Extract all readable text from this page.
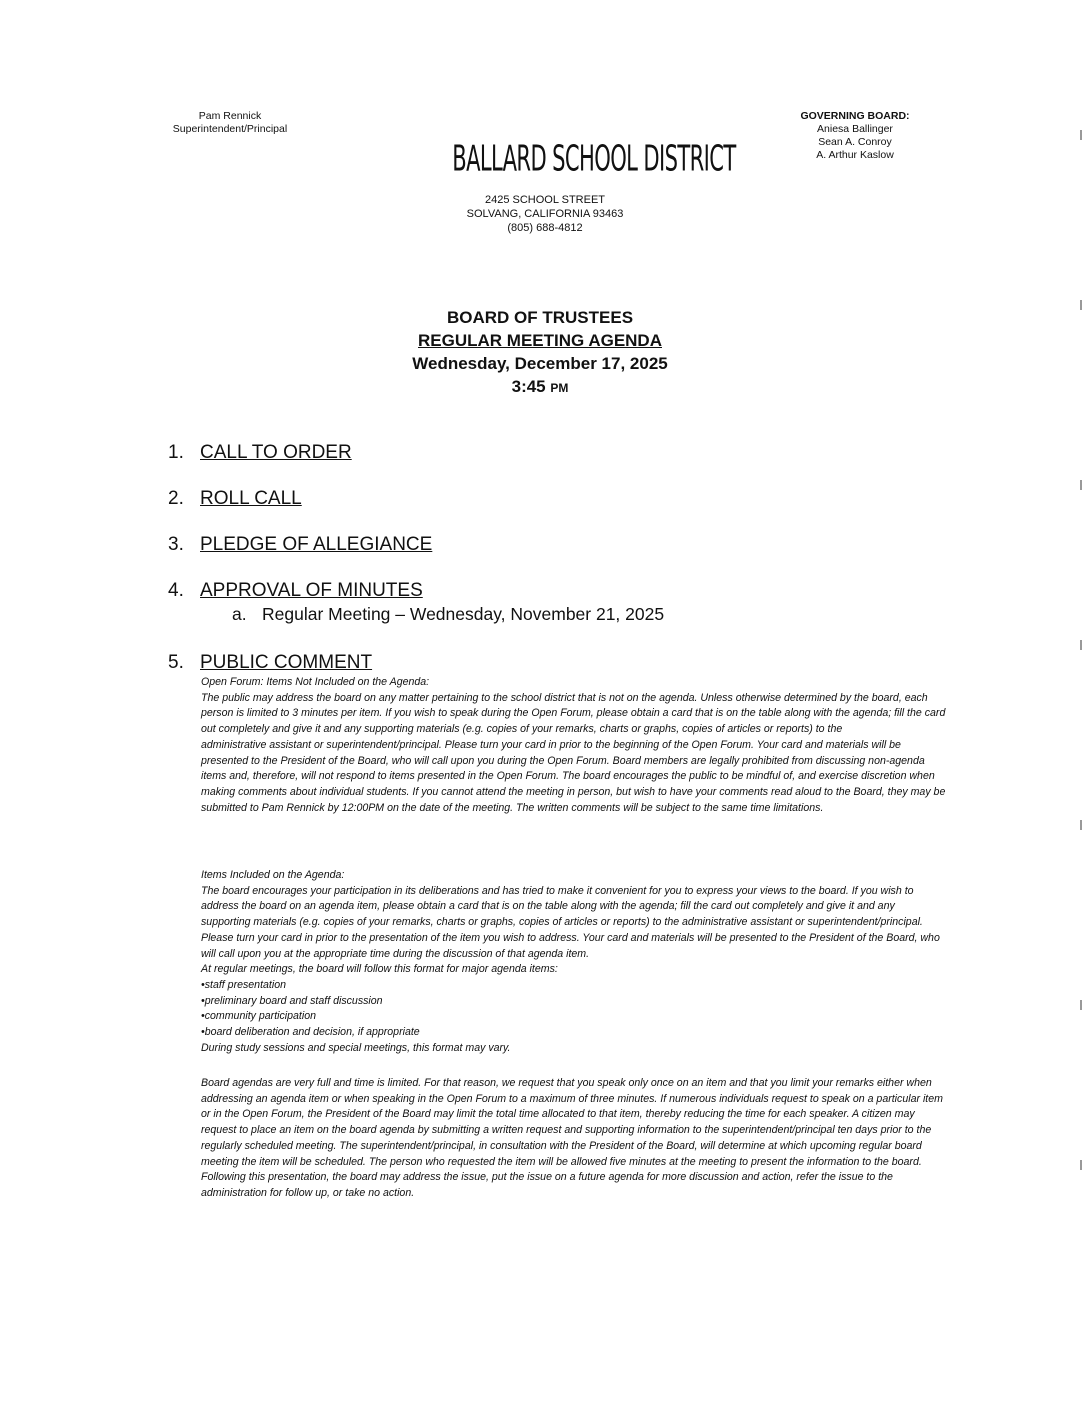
Pam Rennick
Superintendent/Principal
BALLARD SCHOOL DISTRICT
2425 SCHOOL STREET
SOLVANG, CALIFORNIA 93463
(805) 688-4812
GOVERNING BOARD:
Aniesa Ballinger
Sean A. Conroy
A. Arthur Kaslow
BOARD OF TRUSTEES
REGULAR MEETING AGENDA
Wednesday, December 17, 2025
3:45 PM
1. CALL TO ORDER
2. ROLL CALL
3. PLEDGE OF ALLEGIANCE
4. APPROVAL OF MINUTES
a. Regular Meeting – Wednesday, November 21, 2025
5. PUBLIC COMMENT

Open Forum: Items Not Included on the Agenda:

The public may address the board on any matter pertaining to the school district that is not on the agenda. Unless otherwise determined by the board, each person is limited to 3 minutes per item. If you wish to speak during the Open Forum, please obtain a card that is on the table along with the agenda; fill the card out completely and give it and any supporting materials (e.g. copies of your remarks, charts or graphs, copies of articles or reports) to the

administrative assistant or superintendent/principal. Please turn your card in prior to the beginning of the Open Forum. Your card and materials will be presented to the President of the Board, who will call upon you during the Open Forum. Board members are legally prohibited from discussing non-agenda items and, therefore, will not respond to items presented in the Open Forum. The board encourages the public to be mindful of, and exercise discretion when making comments about individual students. If you cannot attend the meeting in person, but wish to have your comments read aloud to the Board, they may be submitted to Pam Rennick by 12:00PM on the date of the meeting. The written comments will be subject to the same time limitations.

Items Included on the Agenda:

The board encourages your participation in its deliberations and has tried to make it convenient for you to express your views to the board. If you wish to address the board on an agenda item, please obtain a card that is on the table along with the agenda; fill the card out completely and give it and any supporting materials (e.g. copies of your remarks, charts or graphs, copies of articles or reports) to the administrative assistant or superintendent/principal. Please turn your card in prior to the presentation of the item you wish to address. Your card and materials will be presented to the President of the Board, who will call upon you at the appropriate time during the discussion of that agenda item.

At regular meetings, the board will follow this format for major agenda items:

• staff presentation
• preliminary board and staff discussion
• community participation
• board deliberation and decision, if appropriate

During study sessions and special meetings, this format may vary.

Board agendas are very full and time is limited. For that reason, we request that you speak only once on an item and that you limit your remarks either when addressing an agenda item or when speaking in the Open Forum to a maximum of three minutes. If numerous individuals request to speak on a particular item or in the Open Forum, the President of the Board may limit the total time allocated to that item, thereby reducing the time for each speaker. A citizen may request to place an item on the board agenda by submitting a written request and supporting information to the superintendent/principal ten days prior to the regularly scheduled meeting. The superintendent/principal, in consultation with the President of the Board, will determine at which upcoming regular board meeting the item will be scheduled. The person who requested the item will be allowed five minutes at the meeting to present the information to the board. Following this presentation, the board may address the issue, put the issue on a future agenda for more discussion and action, refer the issue to the administration for follow up, or take no action.
